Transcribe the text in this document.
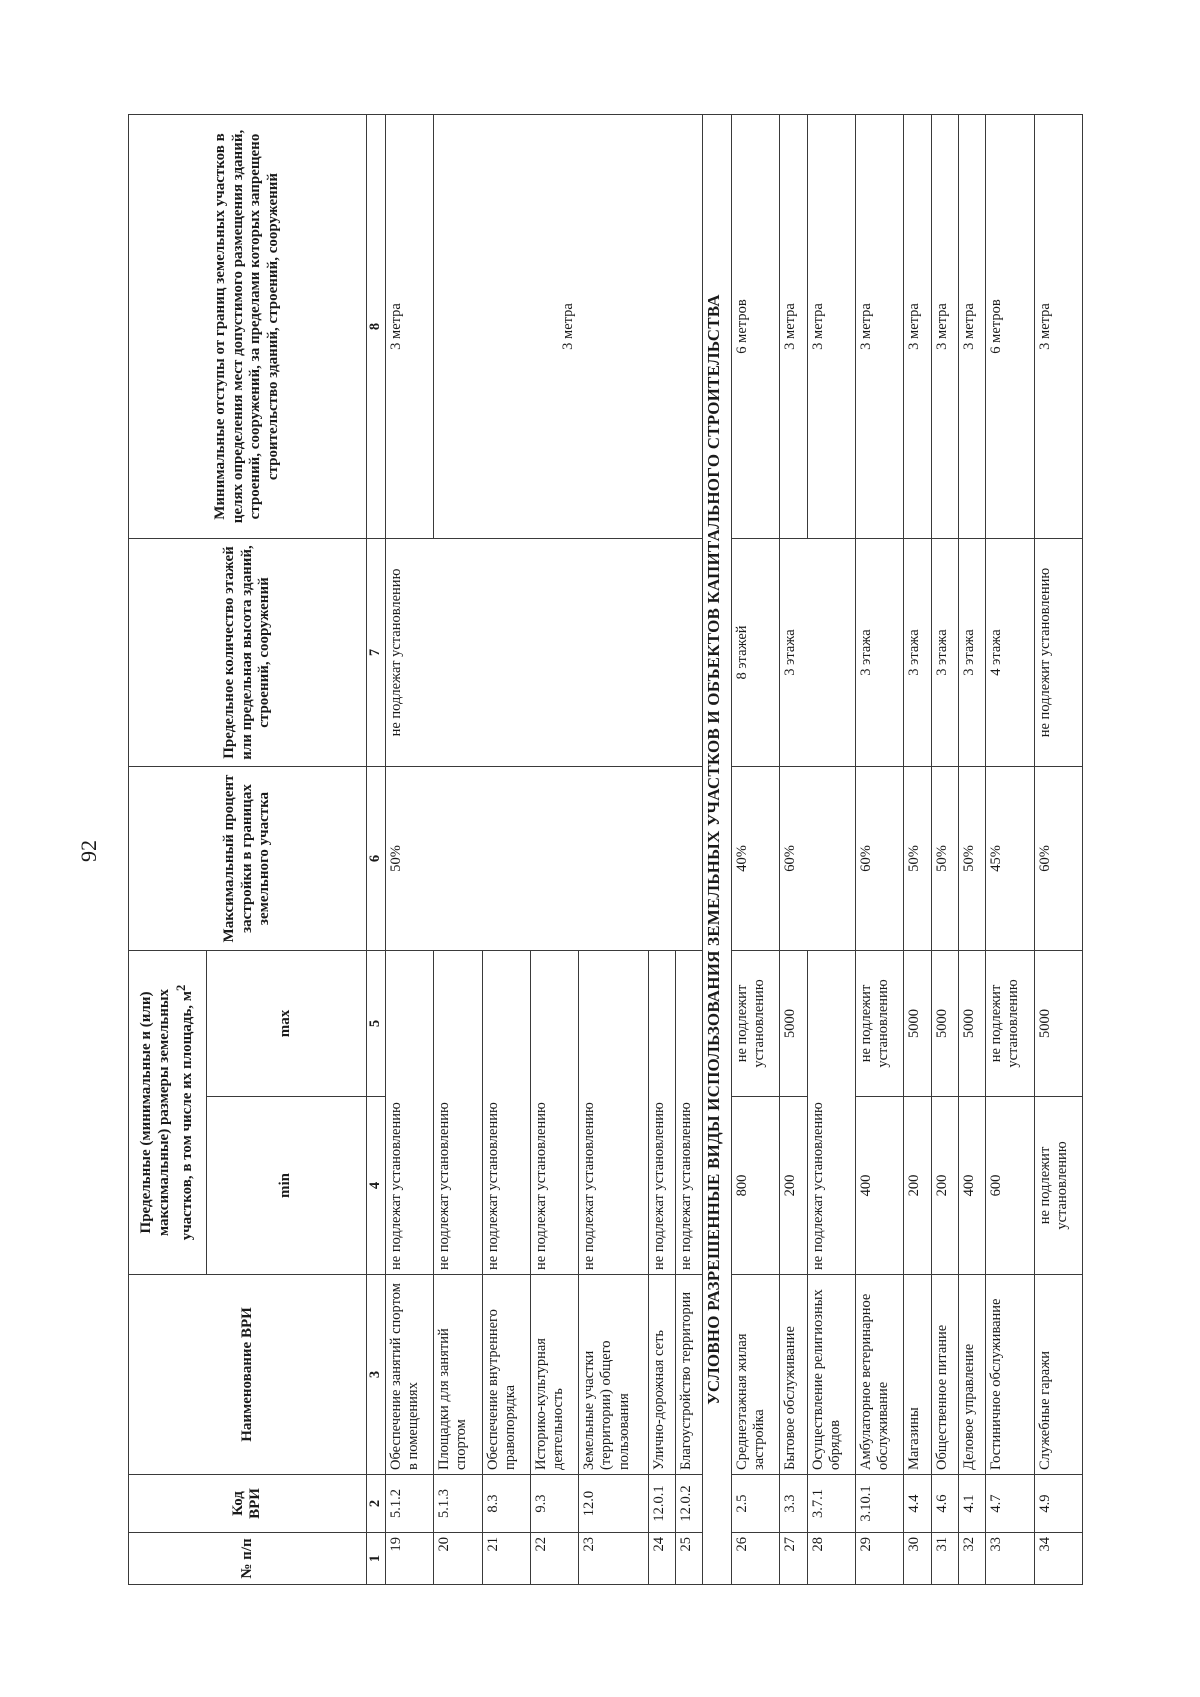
92
№ п/п	Код ВРИ	Наименование ВРИ	Предельные (минимальные и (или) максимальные) размеры земельных участков, в том числе их площадь, $м^2$		Максимальный процент застройки в границах земельного участка	Предельное количество этажей или предельная высота зданий, строений, сооружений	Минимальные отступы от границ земельных участков в целях определения мест допустимого размещения зданий, строений, сооружений, за пределами которых запрещено строительство зданий, строений, сооружений
			min	max			
1	2	3	4	5	6	7	8
19	5.1.2	Обеспечение занятий спортом в помещениях	не подлежат установлению		50%	не подлежат установлению	3 метра
20	5.1.3	Площадки для занятий спортом	не подлежат установлению				3 метра
21	8.3	Обеспечение внутреннего правопорядка	не подлежат установлению				
22	9.3	Историко-культурная деятельность	не подлежат установлению				
23	12.0	Земельные участки (территории) общего пользования	не подлежат установлению				
24	12.0.1	Улично-дорожная сеть	не подлежат установлению				
25	12.0.2	Благоустройство территории	не подлежат установлению				
УСЛОВНО РАЗРЕШЕННЫЕ ВИДЫ ИСПОЛЬЗОВАНИЯ ЗЕМЕЛЬНЫХ УЧАСТКОВ И ОБЪЕКТОВ КАПИТАЛЬНОГО СТРОИТЕЛЬСТВА							
26	2.5	Среднеэтажная жилая застройка	800	не подлежит установлению	40%	8 этажей	6 метров
27	3.3	Бытовое обслуживание	200	5000	60%	3 этажа	3 метра
28	3.7.1	Осуществление религиозных обрядов	не подлежат установлению				3 метра
29	3.10.1	Амбулаторное ветеринарное обслуживание	400	не подлежит установлению	60%	3 этажа	3 метра
30	4.4	Магазины	200	5000	50%	3 этажа	3 метра
31	4.6	Общественное питание	200	5000	50%	3 этажа	3 метра
32	4.1	Деловое управление	400	5000	50%	3 этажа	3 метра
33	4.7	Гостиничное обслуживание	600	не подлежит установлению	45%	4 этажа	6 метров
34	4.9	Служебные гаражи	не подлежит установлению	5000	60%	не подлежит установлению	3 метра
